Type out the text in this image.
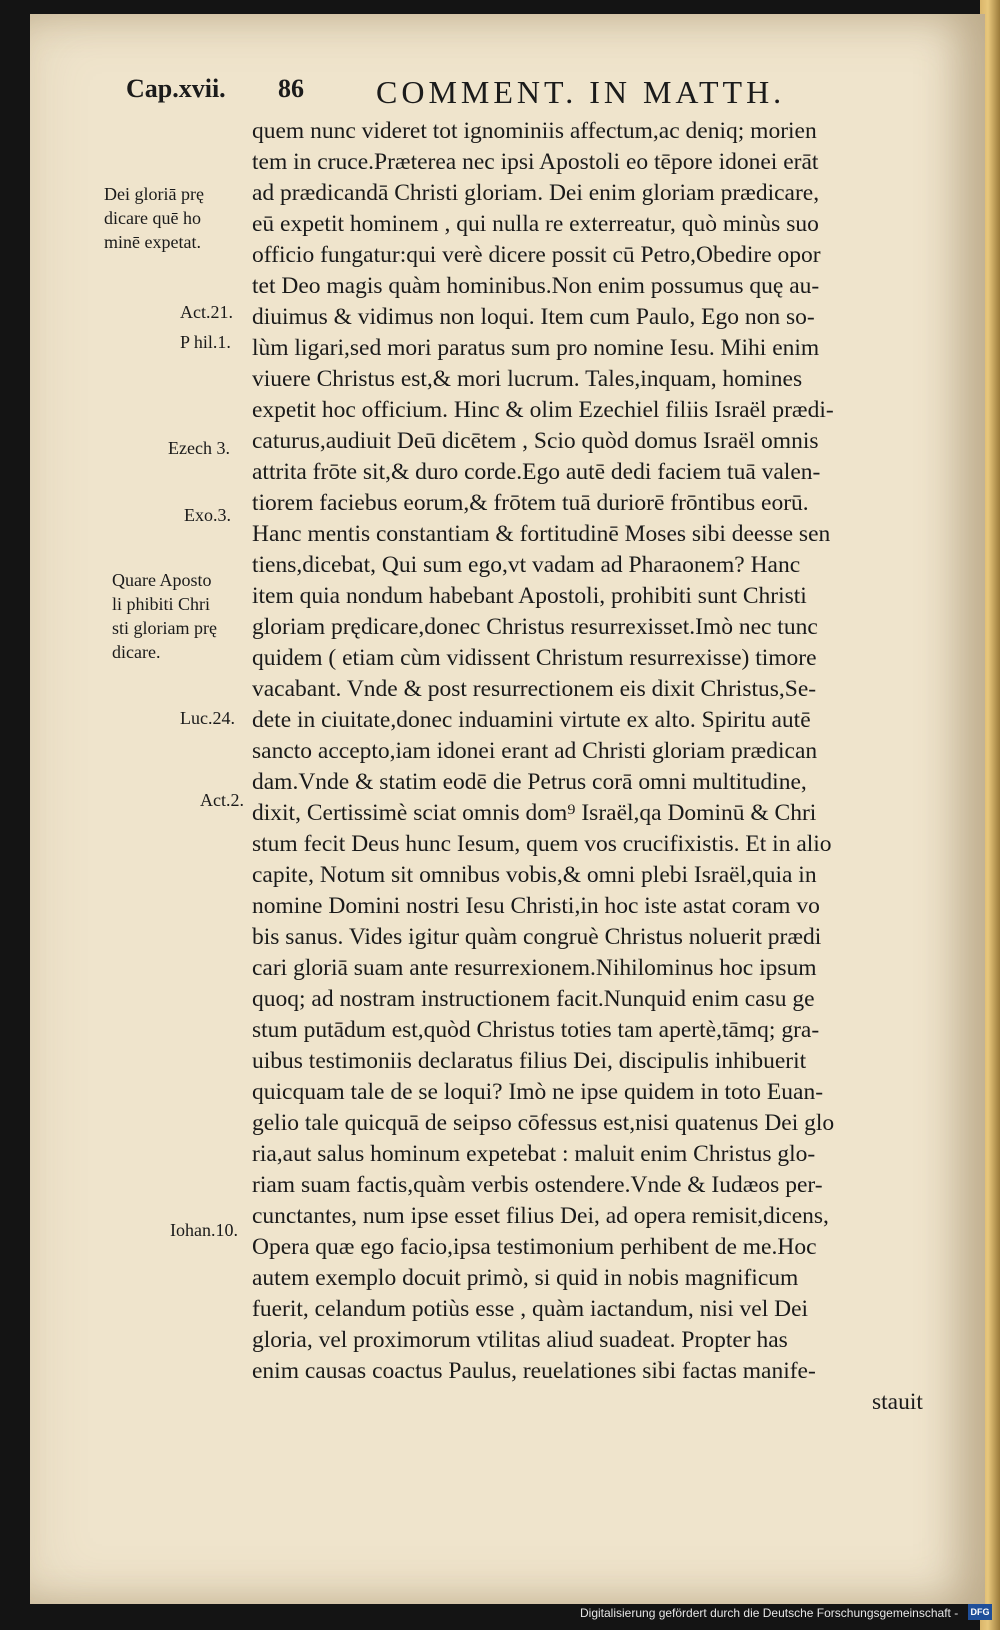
Cap.xvii. 86 COMMENT. IN MATTH.
Dei gloriā prę
dicare quē ho
minē expetat.
Act.21.
P hil.1.
Ezech 3.
Exo.3.
Quare Aposto
li phibiti Chri
sti gloriam prę
dicare.
Luc.24.
Act.2.
Iohan.10.
quem nunc videret tot ignominiis affectum,ac deniq; morien
tem in cruce.Præterea nec ipsi Apostoli eo tēpore idonei erāt
ad prædicandā Christi gloriam. Dei enim gloriam prædicare,
eū expetit hominem , qui nulla re exterreatur, quò minùs suo
officio fungatur:qui verè dicere possit cū Petro,Obedire opor
tet Deo magis quàm hominibus.Non enim possumus quę au-
diuimus & vidimus non loqui. Item cum Paulo, Ego non so-
lùm ligari,sed mori paratus sum pro nomine Iesu. Mihi enim
viuere Christus est,& mori lucrum. Tales,inquam, homines
expetit hoc officium. Hinc & olim Ezechiel filiis Israël prædi-
caturus,audiuit Deū dicētem , Scio quòd domus Israël omnis
attrita frōte sit,& duro corde.Ego autē dedi faciem tuā valen-
tiorem faciebus eorum,& frōtem tuā duriorē frōntibus eorū.
Hanc mentis constantiam & fortitudinē Moses sibi deesse sen
tiens,dicebat, Qui sum ego,vt vadam ad Pharaonem? Hanc
item quia nondum habebant Apostoli, prohibiti sunt Christi
gloriam prędicare,donec Christus resurrexisset.Imò nec tunc
quidem ( etiam cùm vidissent Christum resurrexisse) timore
vacabant. Vnde & post resurrectionem eis dixit Christus,Se-
dete in ciuitate,donec induamini virtute ex alto. Spiritu autē
sancto accepto,iam idonei erant ad Christi gloriam prædican
dam.Vnde & statim eodē die Petrus corā omni multitudine,
dixit, Certissimè sciat omnis dom⁹ Israël,qa Dominū & Chri
stum fecit Deus hunc Iesum, quem vos crucifixistis. Et in alio
capite, Notum sit omnibus vobis,& omni plebi Israël,quia in
nomine Domini nostri Iesu Christi,in hoc iste astat coram vo
bis sanus. Vides igitur quàm congruè Christus noluerit prædi
cari gloriā suam ante resurrexionem.Nihilominus hoc ipsum
quoq; ad nostram instructionem facit.Nunquid enim casu ge
stum putādum est,quòd Christus toties tam apertè,tāmq; gra-
uibus testimoniis declaratus filius Dei, discipulis inhibuerit
quicquam tale de se loqui? Imò ne ipse quidem in toto Euan-
gelio tale quicquā de seipso cōfessus est,nisi quatenus Dei glo
ria,aut salus hominum expetebat : maluit enim Christus glo-
riam suam factis,quàm verbis ostendere.Vnde & Iudæos per-
cunctantes, num ipse esset filius Dei, ad opera remisit,dicens,
Opera quæ ego facio,ipsa testimonium perhibent de me.Hoc
autem exemplo docuit primò, si quid in nobis magnificum
fuerit, celandum potiùs esse , quàm iactandum, nisi vel Dei
gloria, vel proximorum vtilitas aliud suadeat. Propter has
enim causas coactus Paulus, reuelationes sibi factas manife-
stauit
Digitalisierung gefördert durch die Deutsche Forschungsgemeinschaft - DFG
